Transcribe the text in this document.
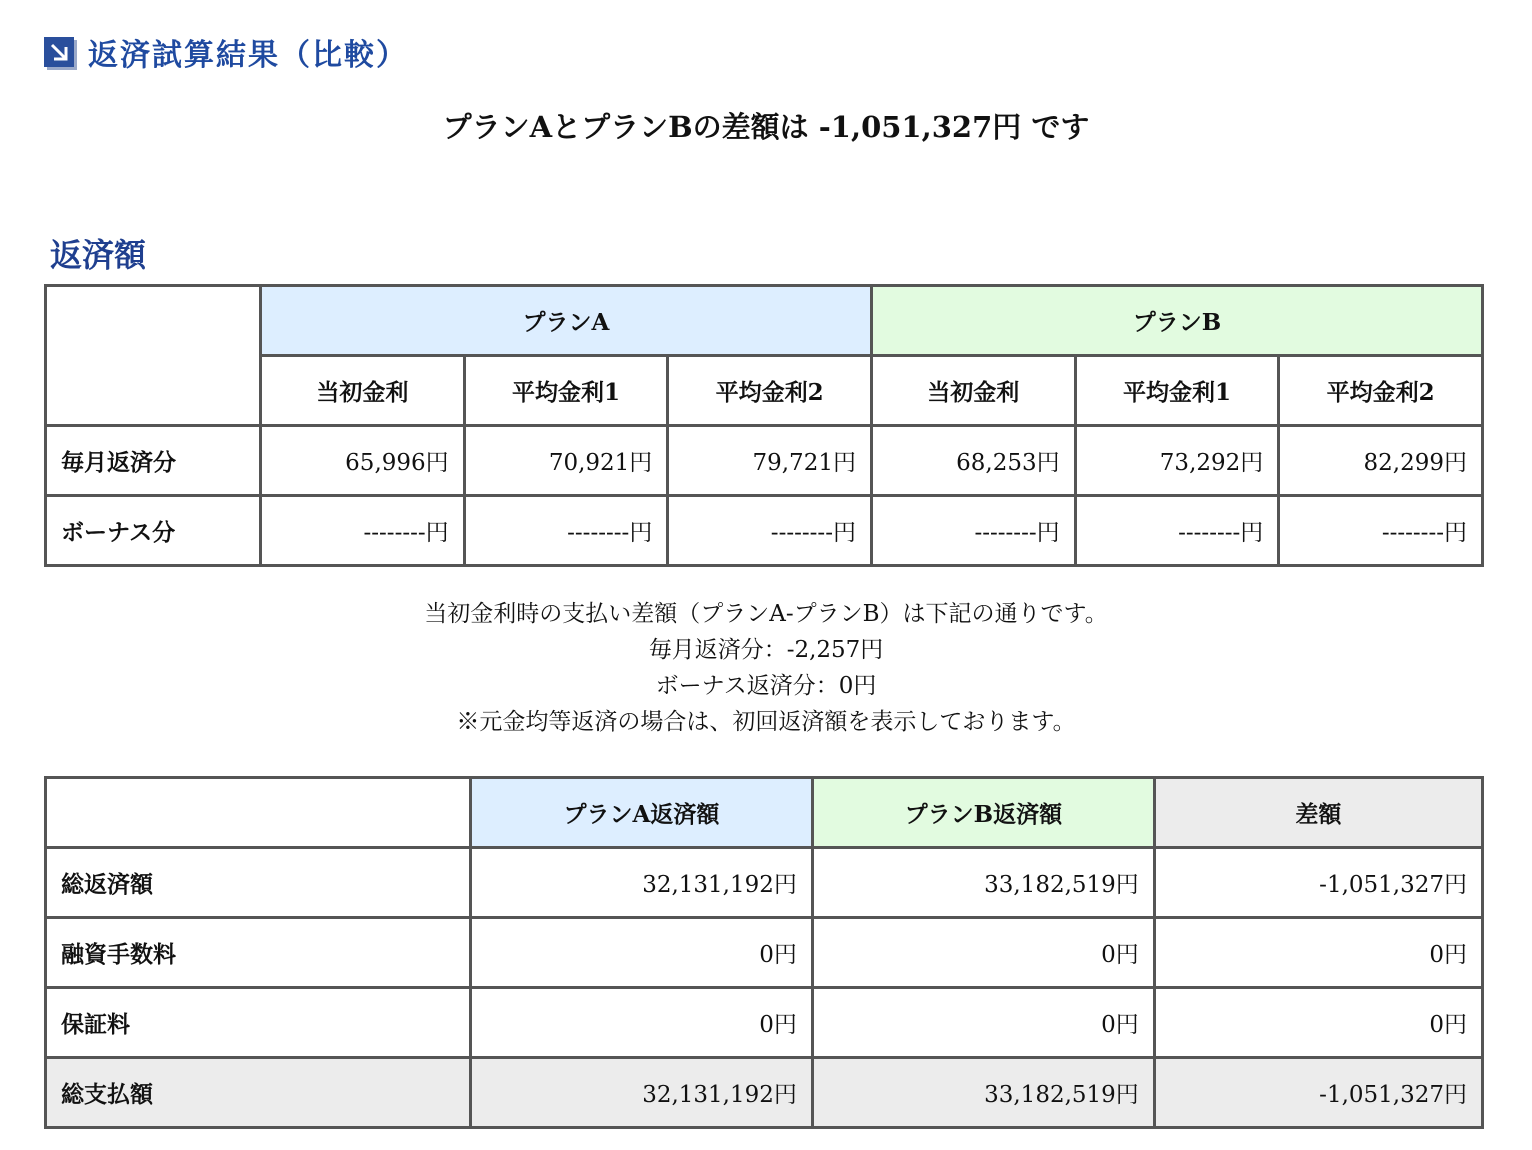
返済試算結果（比較）
プランAとプランBの差額は -1,051,327円 です
返済額
	プランA			プランB		
	当初金利	平均金利1	平均金利2	当初金利	平均金利1	平均金利2
毎月返済分	65,996円	70,921円	79,721円	68,253円	73,292円	82,299円
ボーナス分	--------円	--------円	--------円	--------円	--------円	--------円
当初金利時の支払い差額（プランA-プランB）は下記の通りです。
毎月返済分：-2,257円
ボーナス返済分：0円
※元金均等返済の場合は、初回返済額を表示しております。
	プランA返済額	プランB返済額	差額
総返済額	32,131,192円	33,182,519円	-1,051,327円
融資手数料	0円	0円	0円
保証料	0円	0円	0円
総支払額	32,131,192円	33,182,519円	-1,051,327円
